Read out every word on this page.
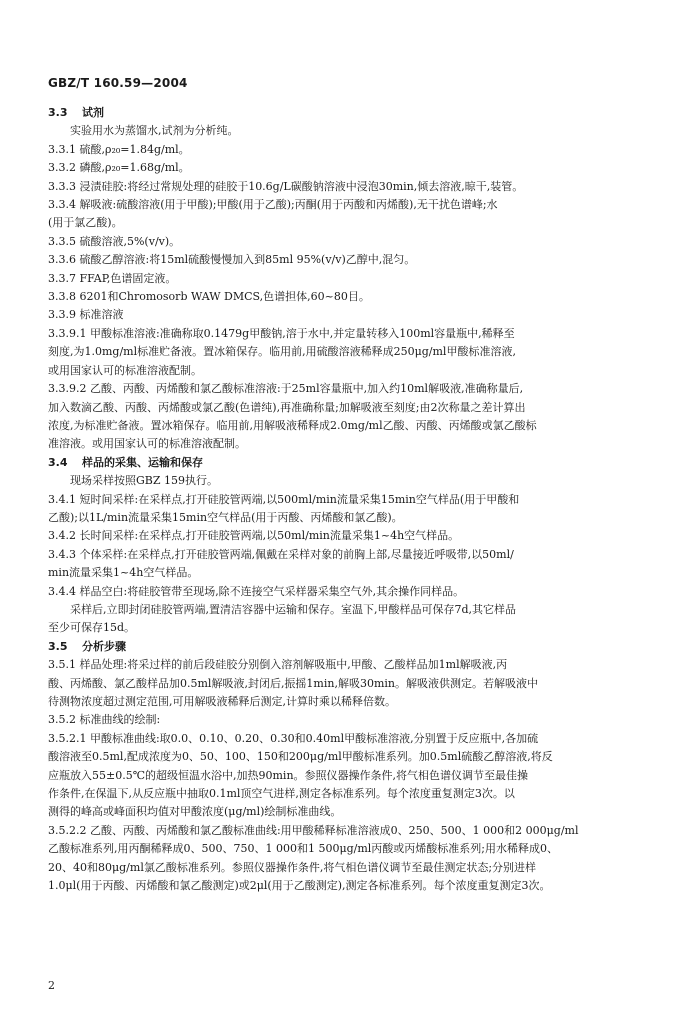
GBZ/T 160.59—2004
3.3 试剂
实验用水为蒸馏水,试剂为分析纯。
3.3.1 硫酸,ρ₂₀=1.84g/ml。
3.3.2 磷酸,ρ₂₀=1.68g/ml。
3.3.3 浸渍硅胶:将经过常规处理的硅胶于10.6g/L碳酸钠溶液中浸泡30min,倾去溶液,晾干,装管。
3.3.4 解吸液:硫酸溶液(用于甲酸);甲酸(用于乙酸);丙酮(用于丙酸和丙烯酸),无干扰色谱峰;水
(用于氯乙酸)。
3.3.5 硫酸溶液,5%(v/v)。
3.3.6 硫酸乙醇溶液:将15ml硫酸慢慢加入到85ml 95%(v/v)乙醇中,混匀。
3.3.7 FFAP,色谱固定液。
3.3.8 6201和Chromosorb WAW DMCS,色谱担体,60~80目。
3.3.9 标准溶液
3.3.9.1 甲酸标准溶液:准确称取0.1479g甲酸钠,溶于水中,并定量转移入100ml容量瓶中,稀释至
刻度,为1.0mg/ml标准贮备液。置冰箱保存。临用前,用硫酸溶液稀释成250μg/ml甲酸标准溶液,
或用国家认可的标准溶液配制。
3.3.9.2 乙酸、丙酸、丙烯酸和氯乙酸标准溶液:于25ml容量瓶中,加入约10ml解吸液,准确称量后,
加入数滴乙酸、丙酸、丙烯酸或氯乙酸(色谱纯),再准确称量;加解吸液至刻度;由2次称量之差计算出
浓度,为标准贮备液。置冰箱保存。临用前,用解吸液稀释成2.0mg/ml乙酸、丙酸、丙烯酸或氯乙酸标
准溶液。或用国家认可的标准溶液配制。
3.4 样品的采集、运输和保存
现场采样按照GBZ 159执行。
3.4.1 短时间采样:在采样点,打开硅胶管两端,以500ml/min流量采集15min空气样品(用于甲酸和
乙酸);以1L/min流量采集15min空气样品(用于丙酸、丙烯酸和氯乙酸)。
3.4.2 长时间采样:在采样点,打开硅胶管两端,以50ml/min流量采集1~4h空气样品。
3.4.3 个体采样:在采样点,打开硅胶管两端,佩戴在采样对象的前胸上部,尽量接近呼吸带,以50ml/
min流量采集1~4h空气样品。
3.4.4 样品空白:将硅胶管带至现场,除不连接空气采样器采集空气外,其余操作同样品。
采样后,立即封闭硅胶管两端,置清洁容器中运输和保存。室温下,甲酸样品可保存7d,其它样品
至少可保存15d。
3.5 分析步骤
3.5.1 样品处理:将采过样的前后段硅胶分别倒入溶剂解吸瓶中,甲酸、乙酸样品加1ml解吸液,丙
酸、丙烯酸、氯乙酸样品加0.5ml解吸液,封闭后,振摇1min,解吸30min。解吸液供测定。若解吸液中
待测物浓度超过测定范围,可用解吸液稀释后测定,计算时乘以稀释倍数。
3.5.2 标准曲线的绘制:
3.5.2.1 甲酸标准曲线:取0.0、0.10、0.20、0.30和0.40ml甲酸标准溶液,分别置于反应瓶中,各加硫
酸溶液至0.5ml,配成浓度为0、50、100、150和200μg/ml甲酸标准系列。加0.5ml硫酸乙醇溶液,将反
应瓶放入55±0.5℃的超级恒温水浴中,加热90min。参照仪器操作条件,将气相色谱仪调节至最佳操
作条件,在保温下,从反应瓶中抽取0.1ml顶空气进样,测定各标准系列。每个浓度重复测定3次。以
测得的峰高或峰面积均值对甲酸浓度(μg/ml)绘制标准曲线。
3.5.2.2 乙酸、丙酸、丙烯酸和氯乙酸标准曲线:用甲酸稀释标准溶液成0、250、500、1 000和2 000μg/ml
乙酸标准系列,用丙酮稀释成0、500、750、1 000和1 500μg/ml丙酸或丙烯酸标准系列;用水稀释成0、
20、40和80μg/ml氯乙酸标准系列。参照仪器操作条件,将气相色谱仪调节至最佳测定状态;分别进样
1.0μl(用于丙酸、丙烯酸和氯乙酸测定)或2μl(用于乙酸测定),测定各标准系列。每个浓度重复测定3次。
2
